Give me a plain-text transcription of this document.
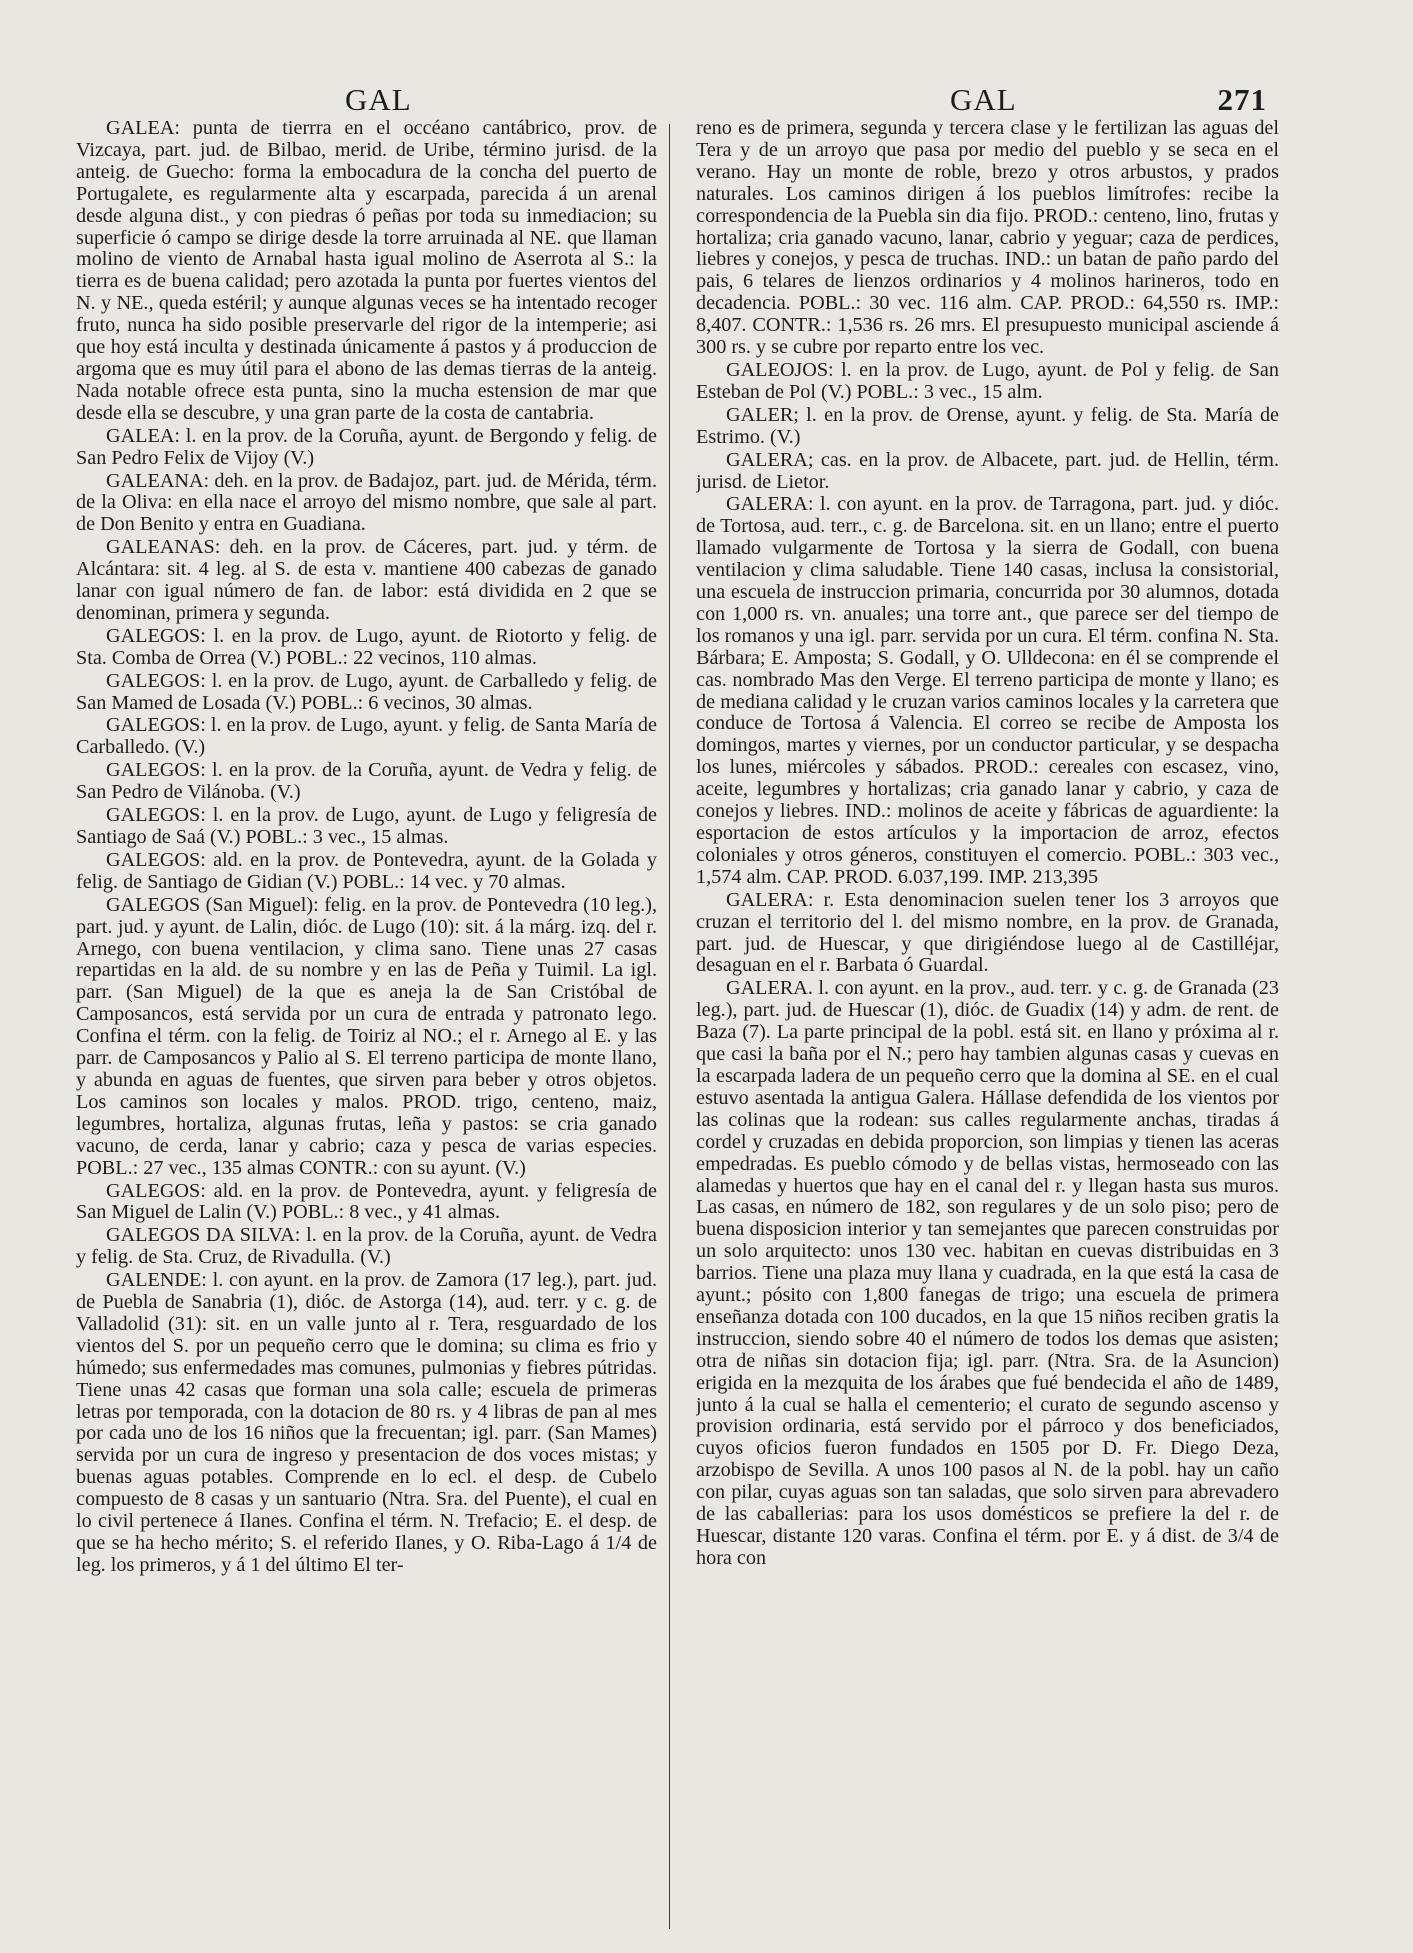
GAL	GAL	271

GALEA: punta de tierrra en el occéano cantábrico, prov. de Vizcaya, part. jud. de Bilbao, merid. de Uribe, término jurisd. de la anteig. de Guecho: forma la embocadura de la concha del puerto de Portugalete, es regularmente alta y escarpada, parecida á un arenal desde alguna dist., y con piedras ó peñas por toda su inmediacion; su superficie ó campo se dirige desde la torre arruinada al NE. que llaman molino de viento de Arnabal hasta igual molino de Aserrota al S.: la tierra es de buena calidad; pero azotada la punta por fuertes vientos del N. y NE., queda estéril; y aunque algunas veces se ha intentado recoger fruto, nunca ha sido posible preservarle del rigor de la intemperie; asi que hoy está inculta y destinada únicamente á pastos y á produccion de argoma que es muy útil para el abono de las demas tierras de la anteig. Nada notable ofrece esta punta, sino la mucha estension de mar que desde ella se descubre, y una gran parte de la costa de cantabria.

GALEA: l. en la prov. de la Coruña, ayunt. de Bergondo y felig. de San Pedro Felix de Vijoy (V.)

GALEANA: deh. en la prov. de Badajoz, part. jud. de Mérida, térm. de la Oliva: en ella nace el arroyo del mismo nombre, que sale al part. de Don Benito y entra en Guadiana.

GALEANAS: deh. en la prov. de Cáceres, part. jud. y térm. de Alcántara: sit. 4 leg. al S. de esta v. mantiene 400 cabezas de ganado lanar con igual número de fan. de labor: está dividida en 2 que se denominan, primera y segunda.

GALEGOS: l. en la prov. de Lugo, ayunt. de Riotorto y felig. de Sta. Comba de Orrea (V.) POBL.: 22 vecinos, 110 almas.

GALEGOS: l. en la prov. de Lugo, ayunt. de Carballedo y felig. de San Mamed de Losada (V.) POBL.: 6 vecinos, 30 almas.

GALEGOS: l. en la prov. de Lugo, ayunt. y felig. de Santa María de Carballedo. (V.)

GALEGOS: l. en la prov. de la Coruña, ayunt. de Vedra y felig. de San Pedro de Vilánoba. (V.)

GALEGOS: l. en la prov. de Lugo, ayunt. de Lugo y feligresía de Santiago de Saá (V.) POBL.: 3 vec., 15 almas.

GALEGOS: ald. en la prov. de Pontevedra, ayunt. de la Golada y felig. de Santiago de Gidian (V.) POBL.: 14 vec. y 70 almas.

GALEGOS (San Miguel): felig. en la prov. de Pontevedra (10 leg.), part. jud. y ayunt. de Lalin, dióc. de Lugo (10): sit. á la márg. izq. del r. Arnego, con buena ventilacion, y clima sano. Tiene unas 27 casas repartidas en la ald. de su nombre y en las de Peña y Tuimil. La igl. parr. (San Miguel) de la que es aneja la de San Cristóbal de Camposancos, está servida por un cura de entrada y patronato lego. Confina el térm. con la felig. de Toiriz al NO.; el r. Arnego al E. y las parr. de Camposancos y Palio al S. El terreno participa de monte llano, y abunda en aguas de fuentes, que sirven para beber y otros objetos. Los caminos son locales y malos. PROD. trigo, centeno, maiz, legumbres, hortaliza, algunas frutas, leña y pastos: se cria ganado vacuno, de cerda, lanar y cabrio; caza y pesca de varias especies. POBL.: 27 vec., 135 almas CONTR.: con su ayunt. (V.)

GALEGOS: ald. en la prov. de Pontevedra, ayunt. y feligresía de San Miguel de Lalin (V.) POBL.: 8 vec., y 41 almas.

GALEGOS DA SILVA: l. en la prov. de la Coruña, ayunt. de Vedra y felig. de Sta. Cruz, de Rivadulla. (V.)

GALENDE: l. con ayunt. en la prov. de Zamora (17 leg.), part. jud. de Puebla de Sanabria (1), dióc. de Astorga (14), aud. terr. y c. g. de Valladolid (31): sit. en un valle junto al r. Tera, resguardado de los vientos del S. por un pequeño cerro que le domina; su clima es frio y húmedo; sus enfermedades mas comunes, pulmonias y fiebres pútridas. Tiene unas 42 casas que forman una sola calle; escuela de primeras letras por temporada, con la dotacion de 80 rs. y 4 libras de pan al mes por cada uno de los 16 niños que la frecuentan; igl. parr. (San Mames) servida por un cura de ingreso y presentacion de dos voces mistas; y buenas aguas potables. Comprende en lo ecl. el desp. de Cubelo compuesto de 8 casas y un santuario (Ntra. Sra. del Puente), el cual en lo civil pertenece á Ilanes. Confina el térm. N. Trefacio; E. el desp. de que se ha hecho mérito; S. el referido Ilanes, y O. Riba-Lago á 1/4 de leg. los primeros, y á 1 del último El ter-

reno es de primera, segunda y tercera clase y le fertilizan las aguas del Tera y de un arroyo que pasa por medio del pueblo y se seca en el verano. Hay un monte de roble, brezo y otros arbustos, y prados naturales. Los caminos dirigen á los pueblos limítrofes: recibe la correspondencia de la Puebla sin dia fijo. PROD.: centeno, lino, frutas y hortaliza; cria ganado vacuno, lanar, cabrio y yeguar; caza de perdices, liebres y conejos, y pesca de truchas. IND.: un batan de paño pardo del pais, 6 telares de lienzos ordinarios y 4 molinos harineros, todo en decadencia. POBL.: 30 vec. 116 alm. CAP. PROD.: 64,550 rs. IMP.: 8,407. CONTR.: 1,536 rs. 26 mrs. El presupuesto municipal asciende á 300 rs. y se cubre por reparto entre los vec.

GALEOJOS: l. en la prov. de Lugo, ayunt. de Pol y felig. de San Esteban de Pol (V.) POBL.: 3 vec., 15 alm.

GALER; l. en la prov. de Orense, ayunt. y felig. de Sta. María de Estrimo. (V.)

GALERA; cas. en la prov. de Albacete, part. jud. de Hellin, térm. jurisd. de Lietor.

GALERA: l. con ayunt. en la prov. de Tarragona, part. jud. y dióc. de Tortosa, aud. terr., c. g. de Barcelona. sit. en un llano; entre el puerto llamado vulgarmente de Tortosa y la sierra de Godall, con buena ventilacion y clima saludable. Tiene 140 casas, inclusa la consistorial, una escuela de instruccion primaria, concurrida por 30 alumnos, dotada con 1,000 rs. vn. anuales; una torre ant., que parece ser del tiempo de los romanos y una igl. parr. servida por un cura. El térm. confina N. Sta. Bárbara; E. Amposta; S. Godall, y O. Ulldecona: en él se comprende el cas. nombrado Mas den Verge. El terreno participa de monte y llano; es de mediana calidad y le cruzan varios caminos locales y la carretera que conduce de Tortosa á Valencia. El correo se recibe de Amposta los domingos, martes y viernes, por un conductor particular, y se despacha los lunes, miércoles y sábados. PROD.: cereales con escasez, vino, aceite, legumbres y hortalizas; cria ganado lanar y cabrio, y caza de conejos y liebres. IND.: molinos de aceite y fábricas de aguardiente: la esportacion de estos artículos y la importacion de arroz, efectos coloniales y otros géneros, constituyen el comercio. POBL.: 303 vec., 1,574 alm. CAP. PROD. 6.037,199. IMP. 213,395

GALERA: r. Esta denominacion suelen tener los 3 arroyos que cruzan el territorio del l. del mismo nombre, en la prov. de Granada, part. jud. de Huescar, y que dirigiéndose luego al de Castilléjar, desaguan en el r. Barbata ó Guardal.

GALERA. l. con ayunt. en la prov., aud. terr. y c. g. de Granada (23 leg.), part. jud. de Huescar (1), dióc. de Guadix (14) y adm. de rent. de Baza (7). La parte principal de la pobl. está sit. en llano y próxima al r. que casi la baña por el N.; pero hay tambien algunas casas y cuevas en la escarpada ladera de un pequeño cerro que la domina al SE. en el cual estuvo asentada la antigua Galera. Hállase defendida de los vientos por las colinas que la rodean: sus calles regularmente anchas, tiradas á cordel y cruzadas en debida proporcion, son limpias y tienen las aceras empedradas. Es pueblo cómodo y de bellas vistas, hermoseado con las alamedas y huertos que hay en el canal del r. y llegan hasta sus muros. Las casas, en número de 182, son regulares y de un solo piso; pero de buena disposicion interior y tan semejantes que parecen construidas por un solo arquitecto: unos 130 vec. habitan en cuevas distribuidas en 3 barrios. Tiene una plaza muy llana y cuadrada, en la que está la casa de ayunt.; pósito con 1,800 fanegas de trigo; una escuela de primera enseñanza dotada con 100 ducados, en la que 15 niños reciben gratis la instruccion, siendo sobre 40 el número de todos los demas que asisten; otra de niñas sin dotacion fija; igl. parr. (Ntra. Sra. de la Asuncion) erigida en la mezquita de los árabes que fué bendecida el año de 1489, junto á la cual se halla el cementerio; el curato de segundo ascenso y provision ordinaria, está servido por el párroco y dos beneficiados, cuyos oficios fueron fundados en 1505 por D. Fr. Diego Deza, arzobispo de Sevilla. A unos 100 pasos al N. de la pobl. hay un caño con pilar, cuyas aguas son tan saladas, que solo sirven para abrevadero de las caballerias: para los usos domésticos se prefiere la del r. de Huescar, distante 120 varas. Confina el térm. por E. y á dist. de 3/4 de hora con
